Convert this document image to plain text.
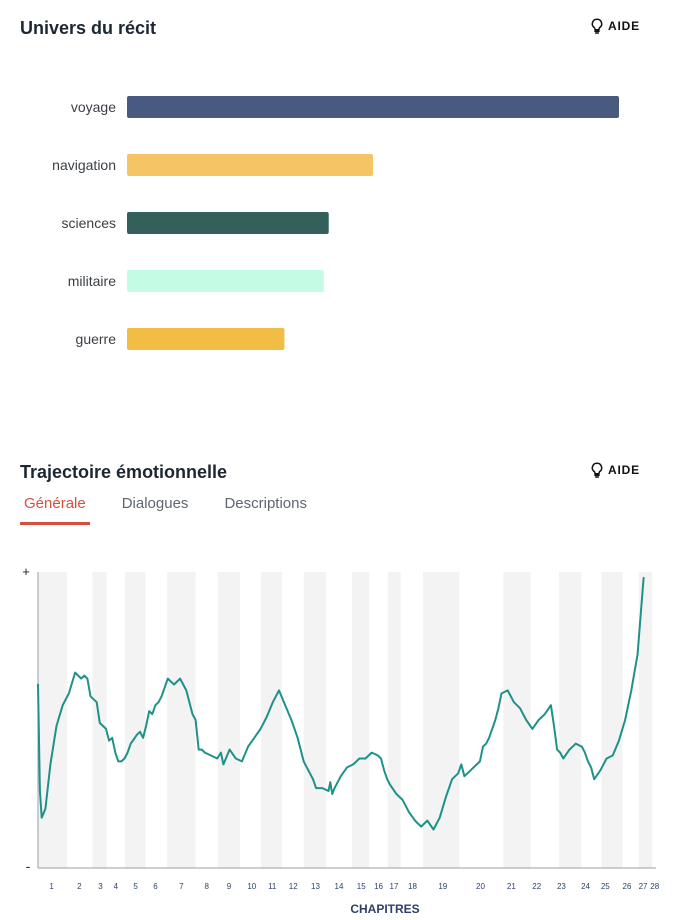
Univers du récit	AIDE
voyage
navigation
sciences
militaire
guerre
Trajectoire émotionnelle	AIDE
Générale Dialogues Descriptions
+
-
1	2 3 4 5 6	7	8 9 10 11 12 13 14 15 16 17 18	19	20	21 22 23 24 25 26 27 28
CHAPITRES
